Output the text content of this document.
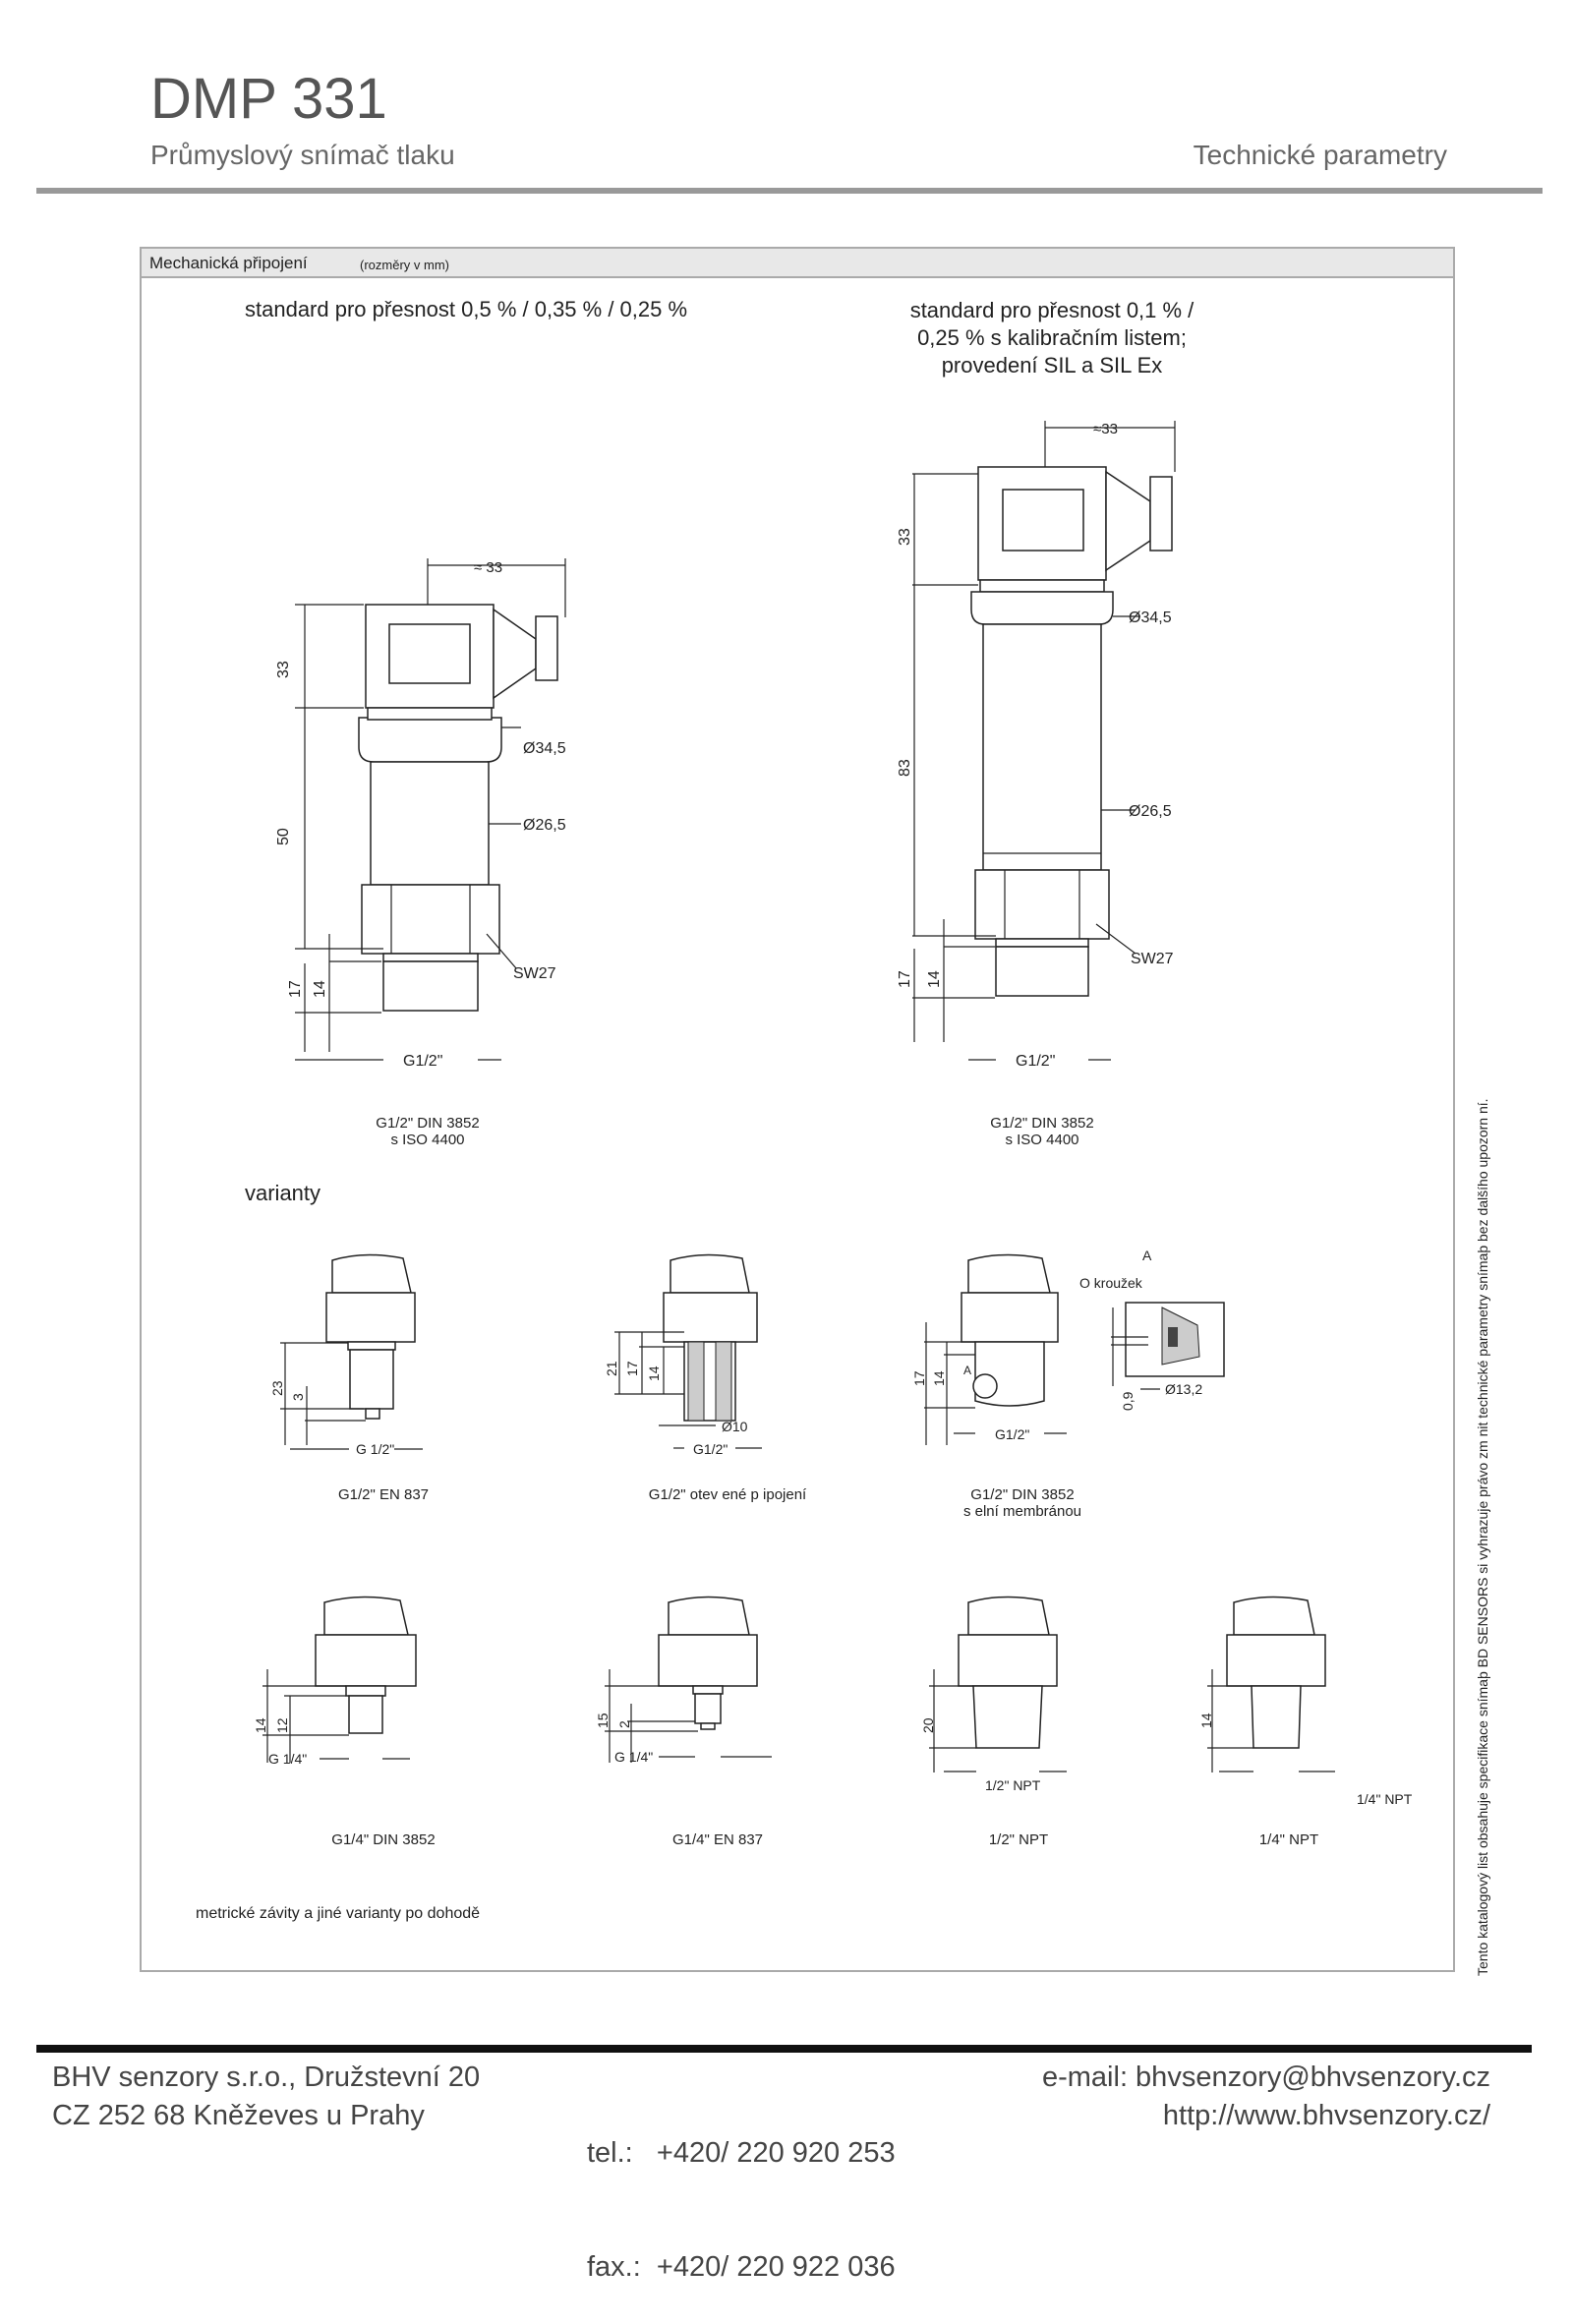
DMP 331
Průmyslový snímač tlaku	Technické parametry
Mechanická připojení	(rozměry v mm)
standard pro přesnost 0,5 % / 0,35 % / 0,25 %	standard pro přesnost 0,1 % /
0,25 % s kalibračním listem;
provedení SIL a SIL Ex
33
50
17 14
≈ 33
Ø34,5
Ø26,5
SW27
G1/2"
G1/2" DIN 3852
s ISO 4400
33
83
17 14
≈33
Ø34,5
Ø26,5
SW27
G1/2"
G1/2" DIN 3852
s ISO 4400
varianty
23
3
G 1/2"
G1/2" EN 837
21 17 14
Ø10
G1/2"
G1/2" otev ené p ipojení
17 14
A
G1/2"
A
O kroužek
0,9
Ø13,2
G1/2" DIN 3852
s elní membránou
14 12
G 1/4"
G1/4" DIN 3852
15 2
G 1/4"
G1/4" EN 837
20
1/2" NPT
1/2" NPT
14
1/4" NPT
1/4" NPT
metrické závity a jiné varianty po dohodě	Tento katalogový list obsahuje specifikace snímaþ BD SENSORS si vyhrazuje právo zm nit technické parametry snímaþ bez dalšího upozorn ní.
BHV senzory s.r.o., Družstevní 20
CZ 252 68 Kněževes u Prahy

tel.:   +420/ 220 920 253

fax.:  +420/ 220 922 036

e-mail: bhvsenzory@bhvsenzory.cz
http://www.bhvsenzory.cz/
